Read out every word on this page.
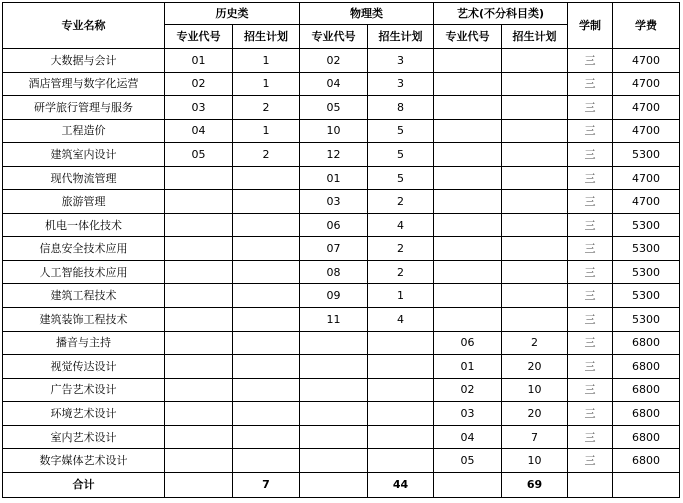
专业名称	历史类		物理类		艺术(不分科目类)		学制	学费
	专业代号	招生计划	专业代号	招生计划	专业代号	招生计划		
大数据与会计	01	1	02	3			三	4700
酒店管理与数字化运营	02	1	04	3			三	4700
研学旅行管理与服务	03	2	05	8			三	4700
工程造价	04	1	10	5			三	4700
建筑室内设计	05	2	12	5			三	5300
现代物流管理			01	5			三	4700
旅游管理			03	2			三	4700
机电一体化技术			06	4			三	5300
信息安全技术应用			07	2			三	5300
人工智能技术应用			08	2			三	5300
建筑工程技术			09	1			三	5300
建筑装饰工程技术			11	4			三	5300
播音与主持					06	2	三	6800
视觉传达设计					01	20	三	6800
广告艺术设计					02	10	三	6800
环境艺术设计					03	20	三	6800
室内艺术设计					04	7	三	6800
数字媒体艺术设计					05	10	三	6800
合计		7		44		69		
